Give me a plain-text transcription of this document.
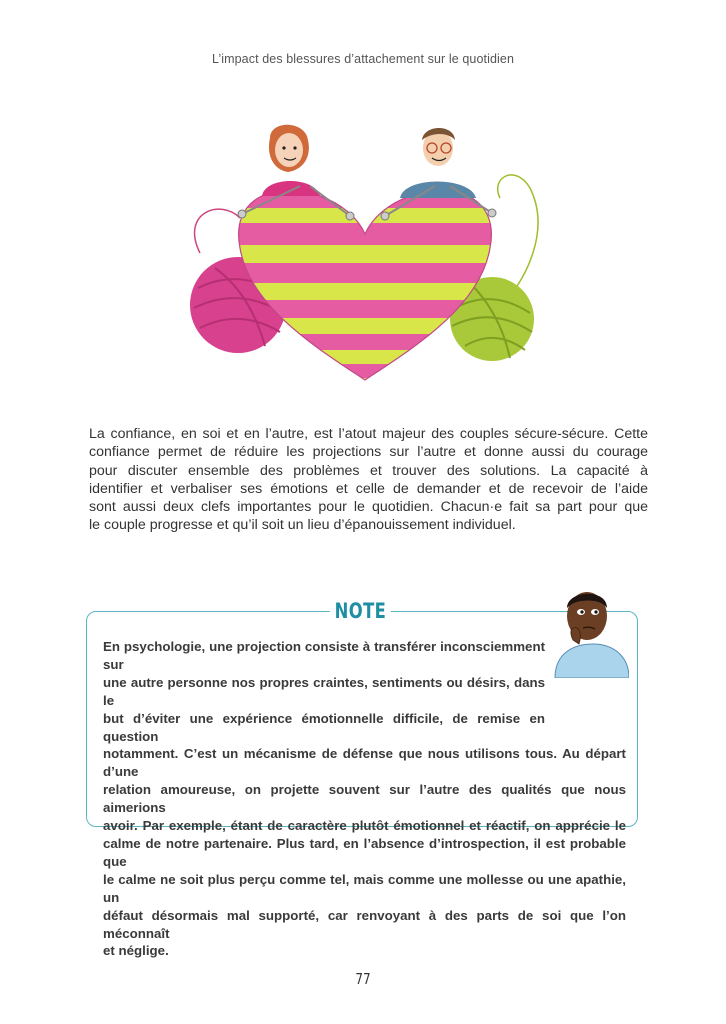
L’impact des blessures d’attachement sur le quotidien
La confiance, en soi et en l’autre, est l’atout majeur des couples sécure-sécure. Cette
confiance permet de réduire les projections sur l’autre et donne aussi du courage
pour discuter ensemble des problèmes et trouver des solutions. La capacité à
identifier et verbaliser ses émotions et celle de demander et de recevoir de l’aide
sont aussi deux clefs importantes pour le quotidien. Chacun·e fait sa part pour que
le couple progresse et qu’il soit un lieu d’épanouissement individuel.
NOTE
En psychologie, une projection consiste à transférer inconsciemment sur
une autre personne nos propres craintes, sentiments ou désirs, dans le
but d’éviter une expérience émotionnelle difficile, de remise en question
notamment. C’est un mécanisme de défense que nous utilisons tous. Au départ d’une
relation amoureuse, on projette souvent sur l’autre des qualités que nous aimerions
avoir. Par exemple, étant de caractère plutôt émotionnel et réactif, on apprécie le
calme de notre partenaire. Plus tard, en l’absence d’introspection, il est probable que
le calme ne soit plus perçu comme tel, mais comme une mollesse ou une apathie, un
défaut désormais mal supporté, car renvoyant à des parts de soi que l’on méconnaît
et néglige.
77
